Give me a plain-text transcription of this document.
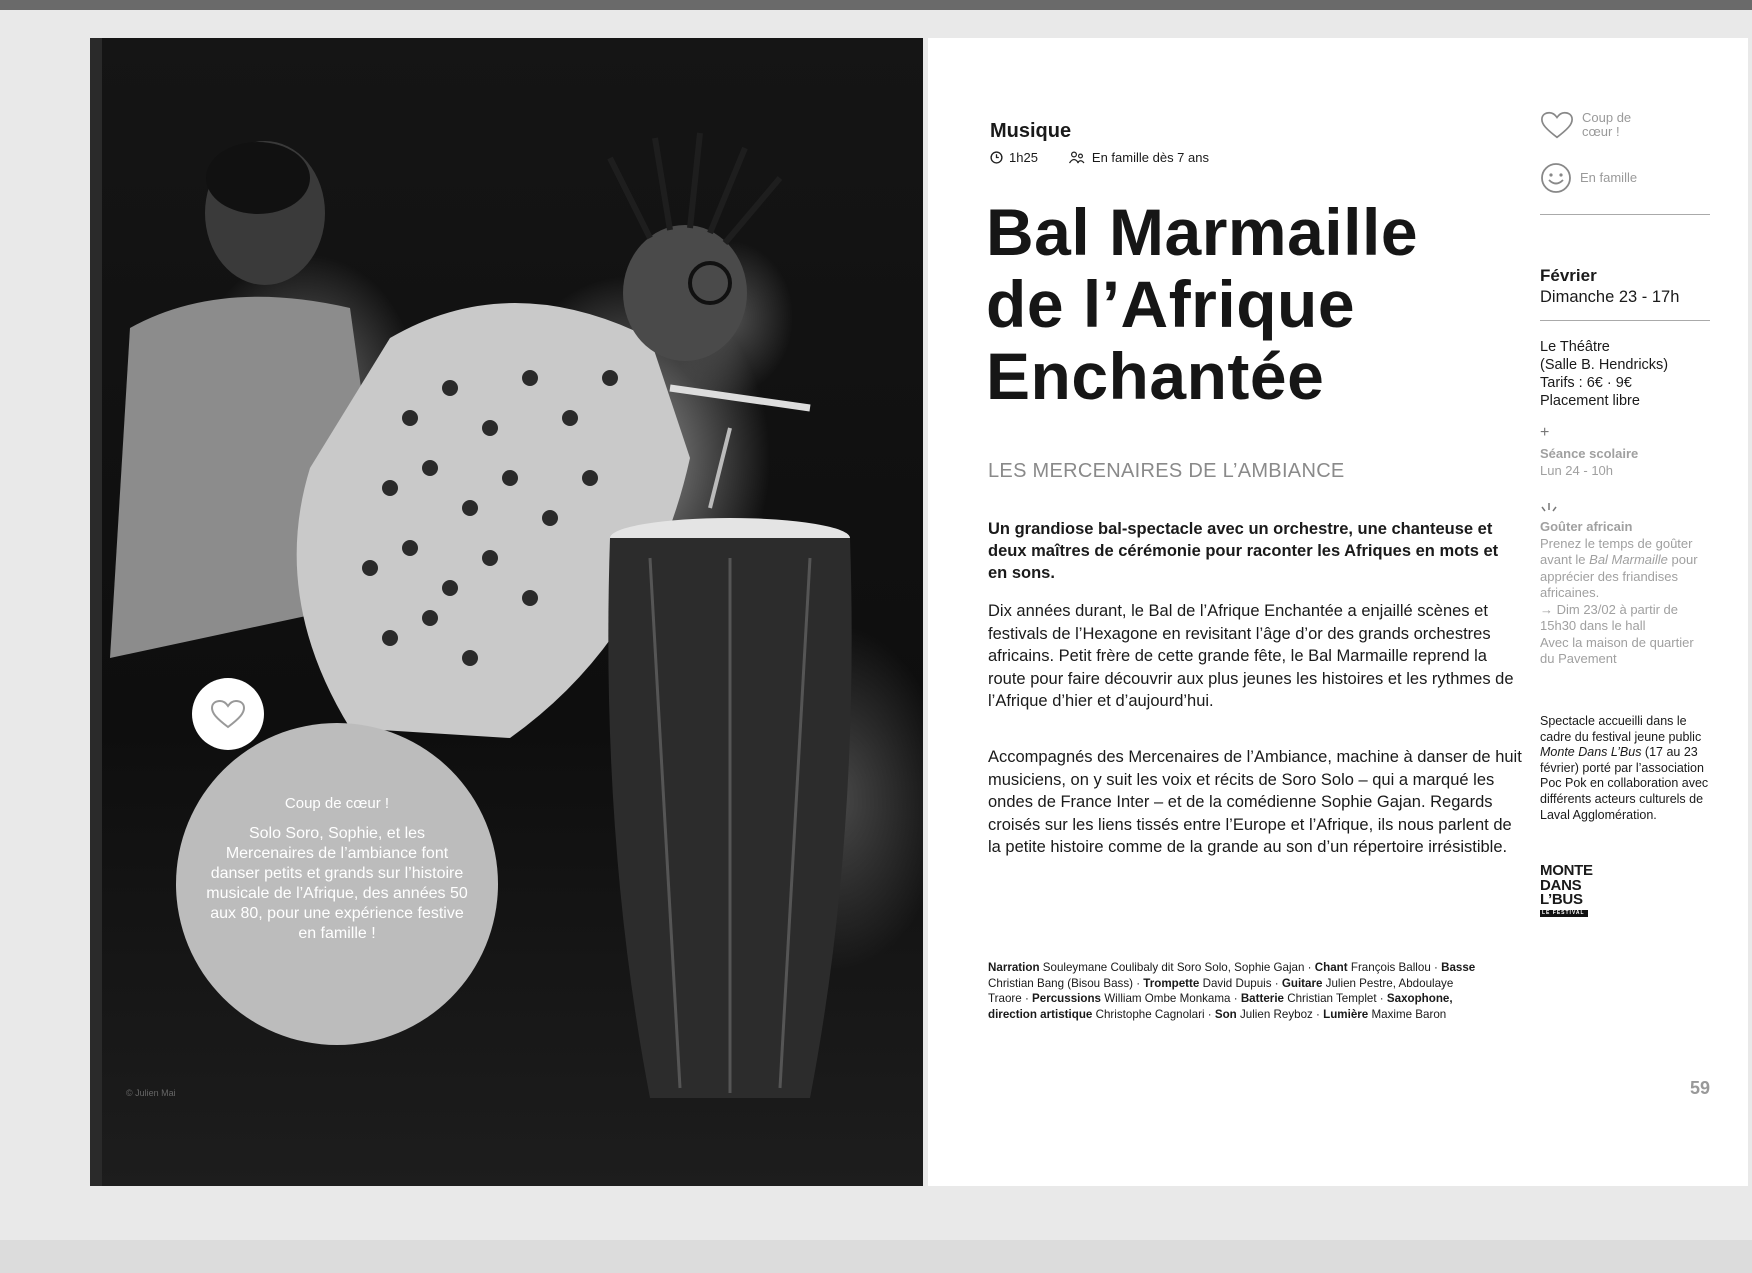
Coup de cœur !
Solo Soro, Sophie, et les Mercenaires de l’ambiance font danser petits et grands sur l’histoire musicale de l’Afrique, des années 50 aux 80, pour une expérience festive en famille !
© Julien Mai
Musique
1h25	En famille dès 7 ans
Bal Marmaille
de l’Afrique
Enchantée
LES MERCENAIRES DE L’AMBIANCE
Un grandiose bal-spectacle avec un orchestre, une chanteuse et deux maîtres de cérémonie pour raconter les Afriques en mots et en sons.
Dix années durant, le Bal de l’Afrique Enchantée a enjaillé scènes et festivals de l’Hexagone en revisitant l’âge d’or des grands orchestres africains. Petit frère de cette grande fête, le Bal Marmaille reprend la route pour faire découvrir aux plus jeunes les histoires et les rythmes de l’Afrique d’hier et d’aujourd’hui.
Accompagnés des Mercenaires de l’Ambiance, machine à danser de huit musiciens, on y suit les voix et récits de Soro Solo – qui a marqué les ondes de France Inter – et de la comédienne Sophie Gajan. Regards croisés sur les liens tissés entre l’Europe et l’Afrique, ils nous parlent de la petite histoire comme de la grande au son d’un répertoire irrésistible.
Narration Souleymane Coulibaly dit Soro Solo, Sophie Gajan · Chant François Ballou · Basse Christian Bang (Bisou Bass) · Trompette David Dupuis · Guitare Julien Pestre, Abdoulaye Traore · Percussions William Ombe Monkama · Batterie Christian Templet · Saxophone, direction artistique Christophe Cagnolari · Son Julien Reyboz · Lumière Maxime Baron
Coup de cœur !
En famille
Février
Dimanche 23 - 17h
Le Théâtre
(Salle B. Hendricks)
Tarifs : 6€ · 9€
Placement libre
+
Séance scolaire
Lun 24 - 10h
Goûter africain
Prenez le temps de goûter avant le Bal Marmaille pour apprécier des friandises africaines.
→ Dim 23/02 à partir de 15h30 dans le hall
Avec la maison de quartier du Pavement
Spectacle accueilli dans le cadre du festival jeune public Monte Dans L’Bus (17 au 23 février) porté par l’association Poc Pok en collaboration avec différents acteurs culturels de Laval Agglomération.
MONTE
DANS
L’BUS
LE FESTIVAL
59
